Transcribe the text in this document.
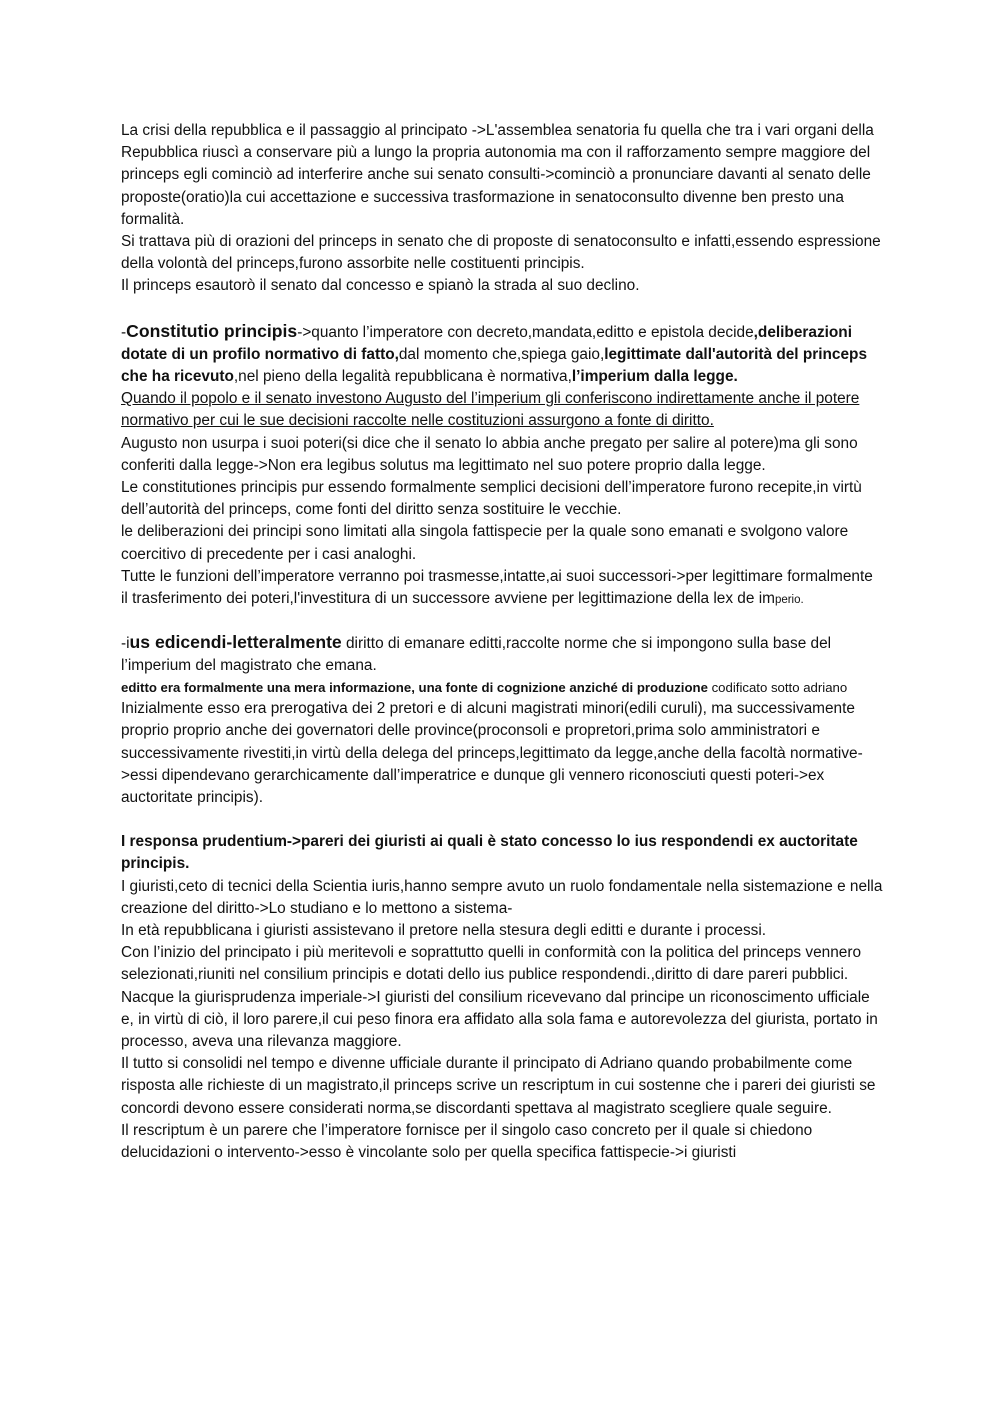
La crisi della repubblica e il passaggio al principato ->L'assemblea senatoria fu quella che tra i vari organi della Repubblica riuscì a conservare più a lungo la propria autonomia ma con il rafforzamento sempre maggiore del princeps egli cominciò ad interferire anche sui senato consulti->cominciò a pronunciare davanti al senato delle proposte(oratio)la cui accettazione e successiva trasformazione in senatoconsulto divenne ben presto una formalità.

Si trattava più di orazioni del princeps in senato che di proposte di senatoconsulto e infatti,essendo espressione della volontà del princeps,furono assorbite nelle costituenti principis.

Il princeps esautorò il senato dal concesso e spianò la strada al suo declino.

-Constitutio principis->quanto l’imperatore con decreto,mandata,editto e epistola decide,deliberazioni dotate di un profilo normativo di fatto,dal momento che,spiega gaio,legittimate dall'autorità del princeps che ha ricevuto,nel pieno della legalità repubblicana è normativa,l’imperium dalla legge.

Quando il popolo e il senato investono Augusto del l’imperium gli conferiscono indirettamente anche il potere normativo per cui le sue decisioni raccolte nelle costituzioni assurgono a fonte di diritto.

Augusto non usurpa i suoi poteri(si dice che il senato lo abbia anche pregato per salire al potere)ma gli sono conferiti dalla legge->Non era legibus solutus ma legittimato nel suo potere proprio dalla legge.

Le constitutiones principis pur essendo formalmente semplici decisioni dell’imperatore furono recepite,in virtù dell’autorità del princeps, come fonti del diritto senza sostituire le vecchie.

le deliberazioni dei principi sono limitati alla singola fattispecie per la quale sono emanati e svolgono valore coercitivo di precedente per i casi analoghi.

Tutte le funzioni dell’imperatore verranno poi trasmesse,intatte,ai suoi successori->per legittimare formalmente il trasferimento dei poteri,l'investitura di un successore avviene per legittimazione della lex de imperio.

-ius edicendi-letteralmente diritto di emanare editti,raccolte norme che si impongono sulla base del l’imperium del magistrato che emana.

editto era formalmente una mera informazione, una fonte di cognizione anziché di produzione codificato sotto adriano

Inizialmente esso era prerogativa dei 2 pretori e di alcuni magistrati minori(edili curuli), ma successivamente proprio proprio anche dei governatori delle province(proconsoli e propretori,prima solo amministratori e successivamente rivestiti,in virtù della delega del princeps,legittimato da legge,anche della facoltà normative->essi dipendevano gerarchicamente dall’imperatrice e dunque gli vennero riconosciuti questi poteri->ex auctoritate principis).

I responsa prudentium->pareri dei giuristi ai quali è stato concesso lo ius respondendi ex auctoritate principis.

I giuristi,ceto di tecnici della Scientia iuris,hanno sempre avuto un ruolo fondamentale nella sistemazione e nella creazione del diritto->Lo studiano e lo mettono a sistema-

In età repubblicana i giuristi assistevano il pretore nella stesura degli editti e durante i processi.

Con l’inizio del principato i più meritevoli e soprattutto quelli in conformità con la politica del princeps vennero selezionati,riuniti nel consilium principis e dotati dello ius publice respondendi.,diritto di dare pareri pubblici.

Nacque la giurisprudenza imperiale->I giuristi del consilium ricevevano dal principe un riconoscimento ufficiale e, in virtù di ciò, il loro parere,il cui peso finora era affidato alla sola fama e autorevolezza del giurista, portato in processo, aveva una rilevanza maggiore.

Il tutto si consolidi nel tempo e divenne ufficiale durante il principato di Adriano quando probabilmente come risposta alle richieste di un magistrato,il princeps scrive un rescriptum in cui sostenne che i pareri dei giuristi se concordi devono essere considerati norma,se discordanti spettava al magistrato scegliere quale seguire.

Il rescriptum è un parere che l’imperatore fornisce per il singolo caso concreto per il quale si chiedono delucidazioni o intervento->esso è vincolante solo per quella specifica fattispecie->i giuristi
